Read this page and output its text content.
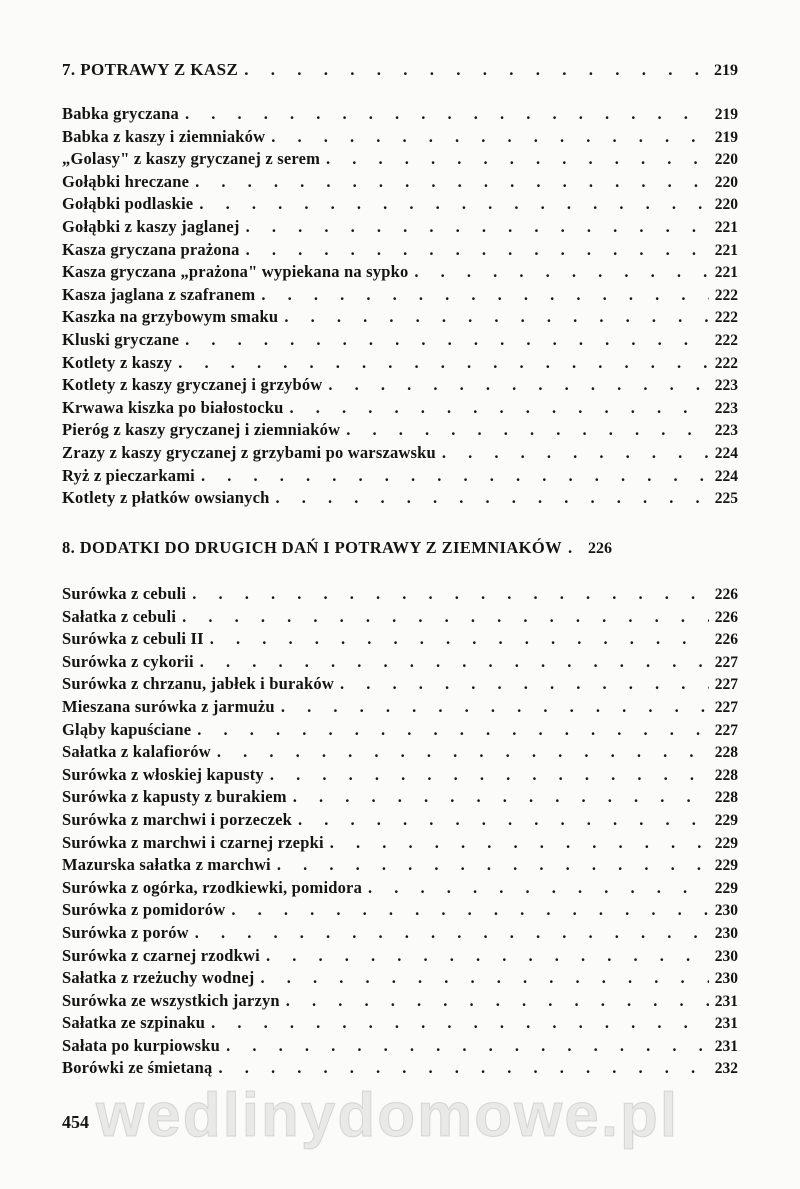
7. POTRAWY Z KASZ . . .	219
Babka gryczana . . .	219
Babka z kaszy i ziemniaków . . .	219
„Golasy" z kaszy gryczanej z serem . . .	220
Gołąbki hreczane . . .	220
Gołąbki podlaskie . . .	220
Gołąbki z kaszy jaglanej . . .	221
Kasza gryczana prażona . . .	221
Kasza gryczana „prażona" wypiekana na sypko . . .	221
Kasza jaglana z szafranem . . .	222
Kaszka na grzybowym smaku . . .	222
Kluski gryczane . . .	222
Kotlety z kaszy . . .	222
Kotlety z kaszy gryczanej i grzybów . . .	223
Krwawa kiszka po białostocku . . .	223
Pieróg z kaszy gryczanej i ziemniaków . . .	223
Zrazy z kaszy gryczanej z grzybami po warszawsku . . .	224
Ryż z pieczarkami . . .	224
Kotlety z płatków owsianych . . .	225
8. DODATKI DO DRUGICH DAŃ I POTRAWY Z ZIEMNIAKÓW . . . 226
Surówka z cebuli . . .	226
Sałatka z cebuli . . .	226
Surówka z cebuli II . . .	226
Surówka z cykorii . . .	227
Surówka z chrzanu, jabłek i buraków . . .	227
Mieszana surówka z jarmużu . . .	227
Gląby kapuściane . . .	227
Sałatka z kalafiorów . . .	228
Surówka z włoskiej kapusty . . .	228
Surówka z kapusty z burakiem . . .	228
Surówka z marchwi i porzeczek . . .	229
Surówka z marchwi i czarnej rzepki . . .	229
Mazurska sałatka z marchwi . . .	229
Surówka z ogórka, rzodkiewki, pomidora . . .	229
Surówka z pomidorów . . .	230
Surówka z porów . . .	230
Surówka z czarnej rzodkwi . . .	230
Sałatka z rzeżuchy wodnej . . .	230
Surówka ze wszystkich jarzyn . . .	231
Sałatka ze szpinaku . . .	231
Sałata po kurpiowsku . . .	231
Borówki ze śmietaną . . .	232
wedlinydomowe.pl
454
